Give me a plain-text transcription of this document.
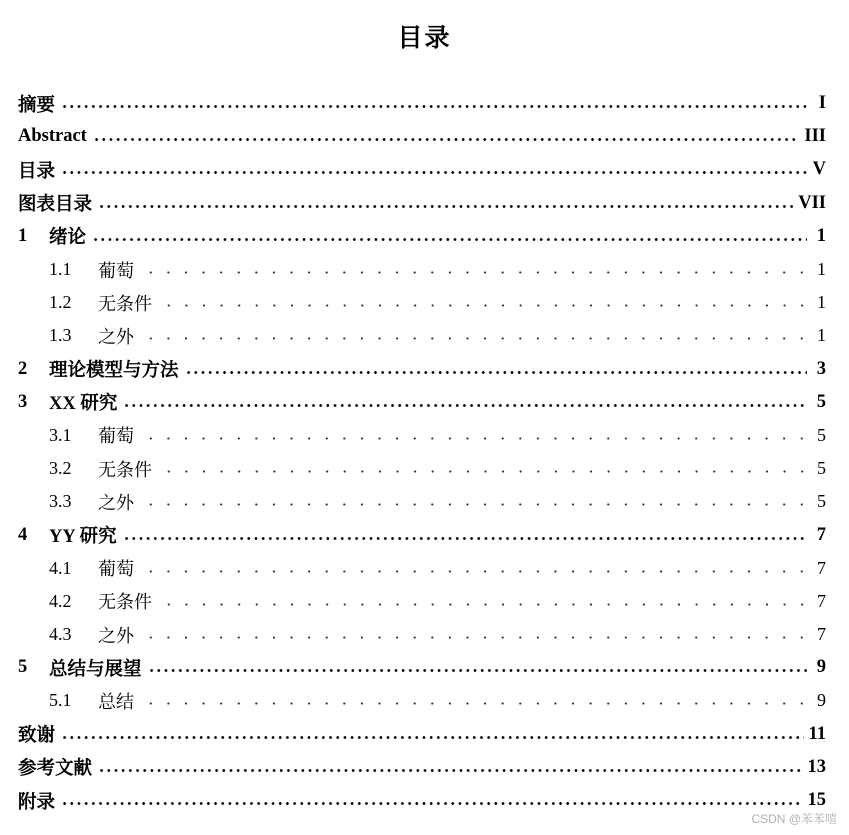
目录
摘要	I
Abstract	III
目录	V
图表目录	VII
1	绪论	1
1.1	葡萄	1
1.2	无条件	1
1.3	之外	1
2	理论模型与方法	3
3	XX 研究	5
3.1	葡萄	5
3.2	无条件	5
3.3	之外	5
4	YY 研究	7
4.1	葡萄	7
4.2	无条件	7
4.3	之外	7
5	总结与展望	9
5.1	总结	9
致谢	11
参考文献	13
附录	15
CSDN @苯苯嘻
